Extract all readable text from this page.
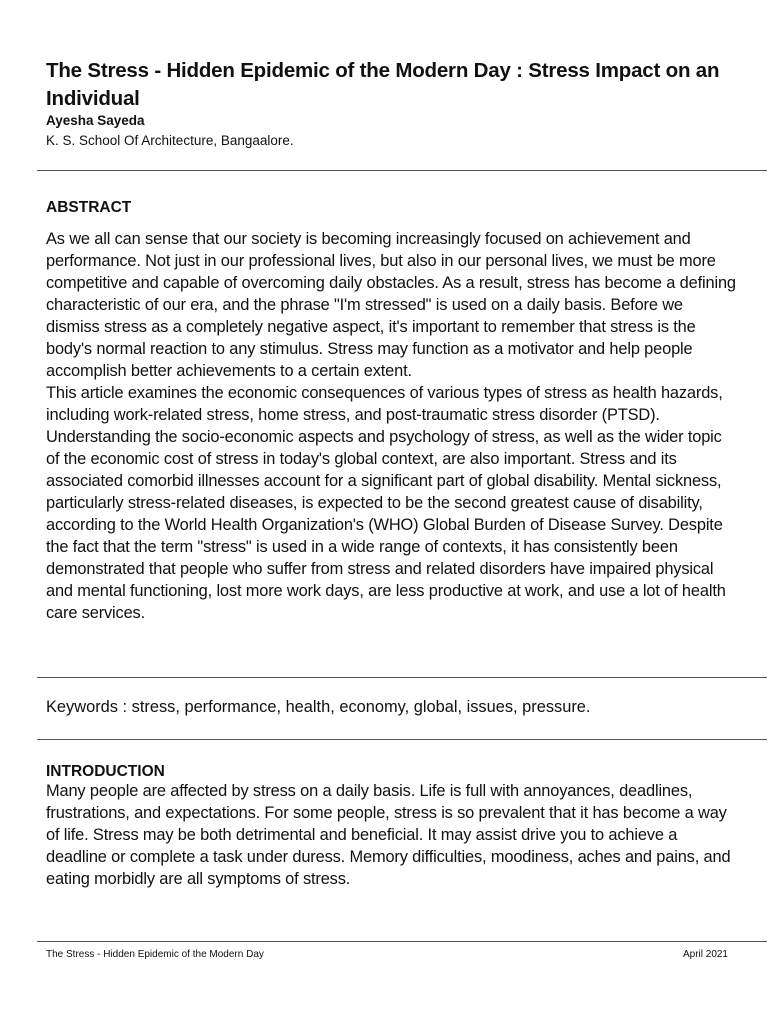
The Stress - Hidden Epidemic of the Modern Day : Stress Impact on an Individual
Ayesha Sayeda
K. S. School Of Architecture, Bangaalore.
ABSTRACT

As we all can sense that our society is becoming increasingly focused on achievement and performance. Not just in our professional lives, but also in our personal lives, we must be more competitive and capable of overcoming daily obstacles. As a result, stress has become a defining characteristic of our era, and the phrase "I'm stressed" is used on a daily basis. Before we dismiss stress as a completely negative aspect, it's important to remember that stress is the body's normal reaction to any stimulus. Stress may function as a motivator and help people accomplish better achievements to a certain extent.

This article examines the economic consequences of various types of stress as health hazards, including work-related stress, home stress, and post-traumatic stress disorder (PTSD). Understanding the socio-economic aspects and psychology of stress, as well as the wider topic of the economic cost of stress in today's global context, are also important. Stress and its associated comorbid illnesses account for a significant part of global disability. Mental sickness, particularly stress-related diseases, is expected to be the second greatest cause of disability, according to the World Health Organization's (WHO) Global Burden of Disease Survey. Despite the fact that the term "stress" is used in a wide range of contexts, it has consistently been demonstrated that people who suffer from stress and related disorders have impaired physical and mental functioning, lost more work days, are less productive at work, and use a lot of health care services.

Keywords : stress, performance, health, economy, global, issues, pressure.
INTRODUCTION

Many people are affected by stress on a daily basis. Life is full with annoyances, deadlines, frustrations, and expectations. For some people, stress is so prevalent that it has become a way of life. Stress may be both detrimental and beneficial. It may assist drive you to achieve a deadline or complete a task under duress. Memory difficulties, moodiness, aches and pains, and eating morbidly are all symptoms of stress.

The Stress - Hidden Epidemic of the Modern Day	April 2021
